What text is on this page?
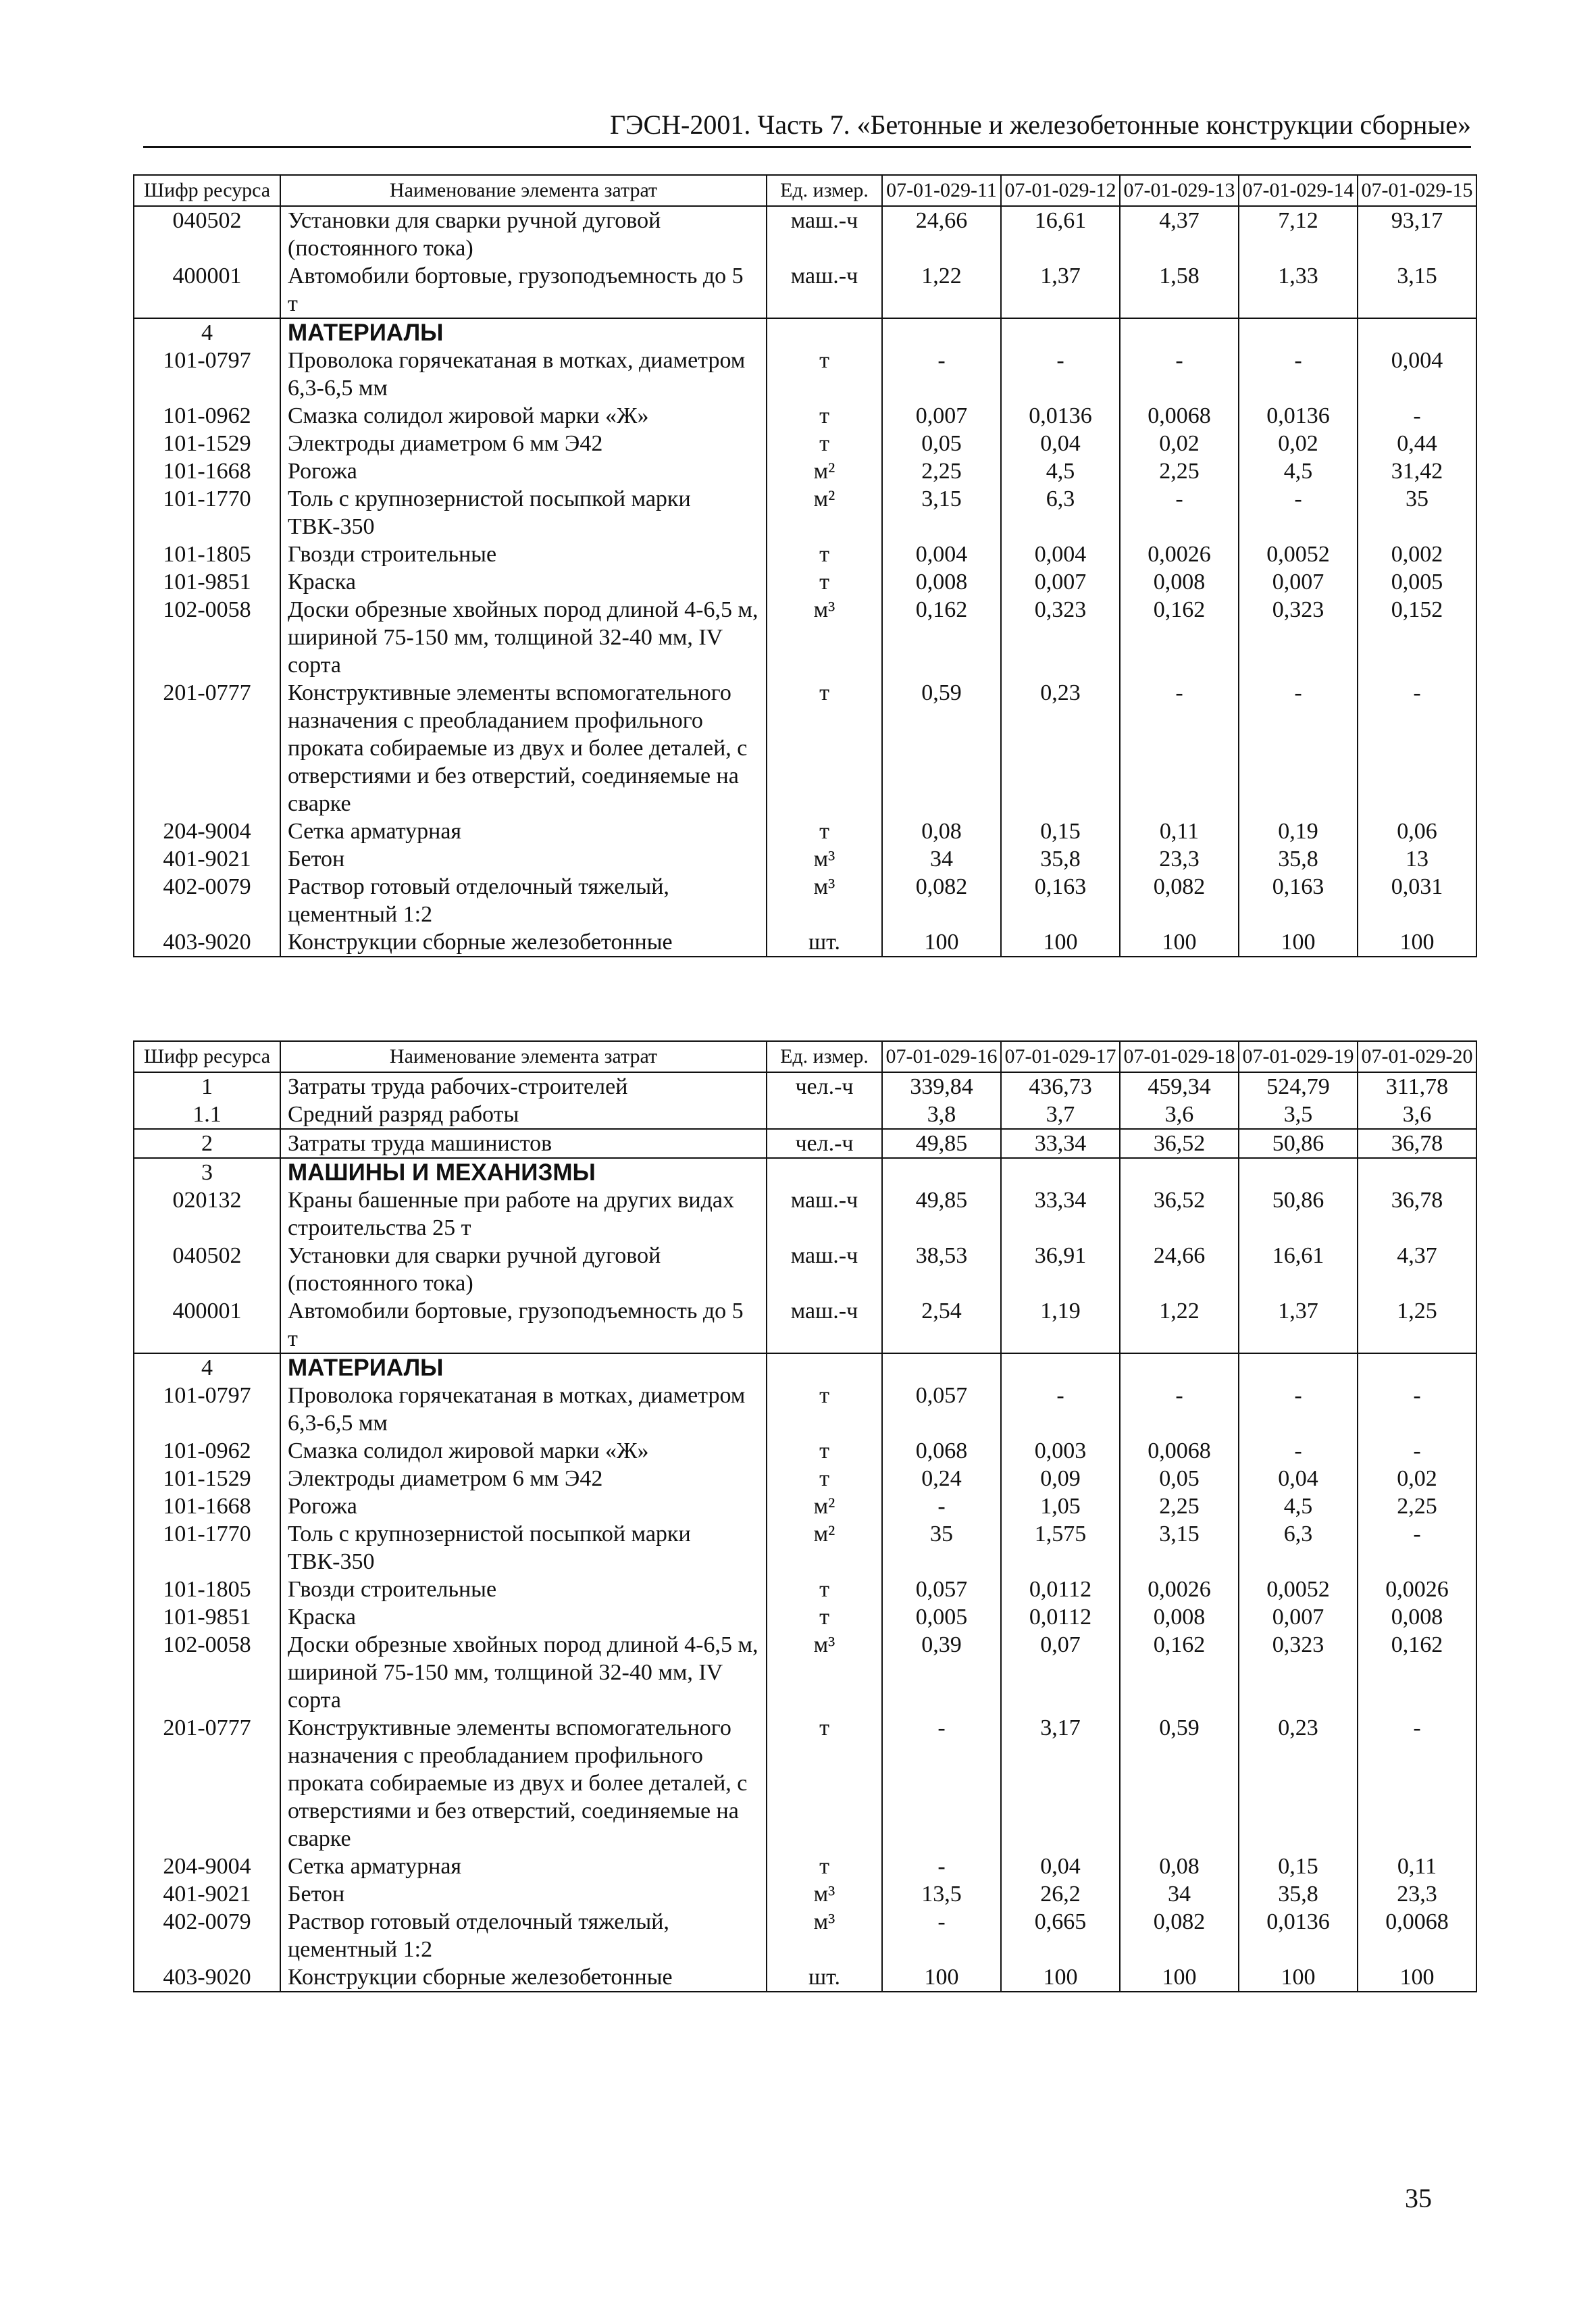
ГЭСН-2001. Часть 7. «Бетонные и железобетонные конструкции сборные»
Шифр ресурса	Наименование элемента затрат	Ед. измер.	07-01-029-11	07-01-029-12	07-01-029-13	07-01-029-14	07-01-029-15
040502	Установки для сварки ручной дуговой (постоянного тока)	маш.-ч	24,66	16,61	4,37	7,12	93,17
400001	Автомобили бортовые, грузоподъемность до 5 т	маш.-ч	1,22	1,37	1,58	1,33	3,15
4	МАТЕРИАЛЫ						
101-0797	Проволока горячекатаная в мотках, диаметром 6,3-6,5 мм	т	-	-	-	-	0,004
101-0962	Смазка солидол жировой марки «Ж»	т	0,007	0,0136	0,0068	0,0136	-
101-1529	Электроды диаметром 6 мм Э42	т	0,05	0,04	0,02	0,02	0,44
101-1668	Рогожа	м²	2,25	4,5	2,25	4,5	31,42
101-1770	Толь с крупнозернистой посыпкой марки ТВК-350	м²	3,15	6,3	-	-	35
101-1805	Гвозди строительные	т	0,004	0,004	0,0026	0,0052	0,002
101-9851	Краска	т	0,008	0,007	0,008	0,007	0,005
102-0058	Доски обрезные хвойных пород длиной 4-6,5 м, шириной 75-150 мм, толщиной 32-40 мм, IV сорта	м³	0,162	0,323	0,162	0,323	0,152
201-0777	Конструктивные элементы вспомогательного назначения с преобладанием профильного проката собираемые из двух и более деталей, с отверстиями и без отверстий, соединяемые на сварке	т	0,59	0,23	-	-	-
204-9004	Сетка арматурная	т	0,08	0,15	0,11	0,19	0,06
401-9021	Бетон	м³	34	35,8	23,3	35,8	13
402-0079	Раствор готовый отделочный тяжелый, цементный 1:2	м³	0,082	0,163	0,082	0,163	0,031
403-9020	Конструкции сборные железобетонные	шт.	100	100	100	100	100
Шифр ресурса	Наименование элемента затрат	Ед. измер.	07-01-029-16	07-01-029-17	07-01-029-18	07-01-029-19	07-01-029-20
1	Затраты труда рабочих-строителей	чел.-ч	339,84	436,73	459,34	524,79	311,78
1.1	Средний разряд работы		3,8	3,7	3,6	3,5	3,6
2	Затраты труда машинистов	чел.-ч	49,85	33,34	36,52	50,86	36,78
3	МАШИНЫ И МЕХАНИЗМЫ						
020132	Краны башенные при работе на других видах строительства 25 т	маш.-ч	49,85	33,34	36,52	50,86	36,78
040502	Установки для сварки ручной дуговой (постоянного тока)	маш.-ч	38,53	36,91	24,66	16,61	4,37
400001	Автомобили бортовые, грузоподъемность до 5 т	маш.-ч	2,54	1,19	1,22	1,37	1,25
4	МАТЕРИАЛЫ						
101-0797	Проволока горячекатаная в мотках, диаметром 6,3-6,5 мм	т	0,057	-	-	-	-
101-0962	Смазка солидол жировой марки «Ж»	т	0,068	0,003	0,0068	-	-
101-1529	Электроды диаметром 6 мм Э42	т	0,24	0,09	0,05	0,04	0,02
101-1668	Рогожа	м²	-	1,05	2,25	4,5	2,25
101-1770	Толь с крупнозернистой посыпкой марки ТВК-350	м²	35	1,575	3,15	6,3	-
101-1805	Гвозди строительные	т	0,057	0,0112	0,0026	0,0052	0,0026
101-9851	Краска	т	0,005	0,0112	0,008	0,007	0,008
102-0058	Доски обрезные хвойных пород длиной 4-6,5 м, шириной 75-150 мм, толщиной 32-40 мм, IV сорта	м³	0,39	0,07	0,162	0,323	0,162
201-0777	Конструктивные элементы вспомогательного назначения с преобладанием профильного проката собираемые из двух и более деталей, с отверстиями и без отверстий, соединяемые на сварке	т	-	3,17	0,59	0,23	-
204-9004	Сетка арматурная	т	-	0,04	0,08	0,15	0,11
401-9021	Бетон	м³	13,5	26,2	34	35,8	23,3
402-0079	Раствор готовый отделочный тяжелый, цементный 1:2	м³	-	0,665	0,082	0,0136	0,0068
403-9020	Конструкции сборные железобетонные	шт.	100	100	100	100	100
35
